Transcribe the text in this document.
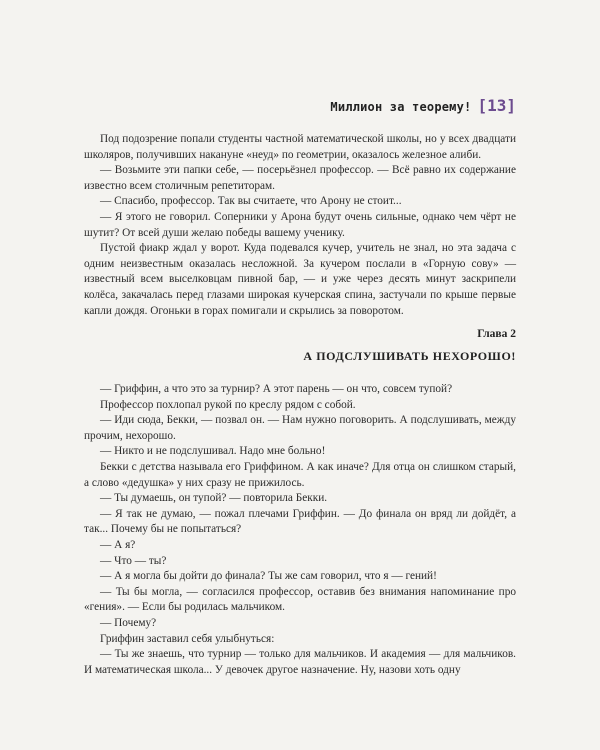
Миллион за теорему! [13]

Под подозрение попали студенты частной математической школы, но у всех двадцати школяров, получивших накануне «неуд» по геометрии, оказалось железное алиби.

— Возьмите эти папки себе, — посерьёзнел профессор. — Всё равно их содержание известно всем столичным репетиторам.

— Спасибо, профессор. Так вы считаете, что Арону не стоит...

— Я этого не говорил. Соперники у Арона будут очень сильные, однако чем чёрт не шутит? От всей души желаю победы вашему ученику.

Пустой фиакр ждал у ворот. Куда подевался кучер, учитель не знал, но эта задача с одним неизвестным оказалась несложной. За кучером послали в «Горную сову» — известный всем выселковцам пивной бар, — и уже через десять минут заскрипели колёса, закачалась перед глазами широкая кучерская спина, застучали по крыше первые капли дождя. Огоньки в горах помигали и скрылись за поворотом.

Глава 2
А ПОДСЛУШИВАТЬ НЕХОРОШО!

— Гриффин, а что это за турнир? А этот парень — он что, совсем тупой?

Профессор похлопал рукой по креслу рядом с собой.

— Иди сюда, Бекки, — позвал он. — Нам нужно поговорить. А подслушивать, между прочим, нехорошо.

— Никто и не подслушивал. Надо мне больно!

Бекки с детства называла его Гриффином. А как иначе? Для отца он слишком старый, а слово «дедушка» у них сразу не прижилось.

— Ты думаешь, он тупой? — повторила Бекки.

— Я так не думаю, — пожал плечами Гриффин. — До финала он вряд ли дойдёт, а так... Почему бы не попытаться?

— А я?

— Что — ты?

— А я могла бы дойти до финала? Ты же сам говорил, что я — гений!

— Ты бы могла, — согласился профессор, оставив без внимания напоминание про «гения». — Если бы родилась мальчиком.

— Почему?

Гриффин заставил себя улыбнуться:

— Ты же знаешь, что турнир — только для мальчиков. И академия — для мальчиков. И математическая школа... У девочек другое назначение. Ну, назови хоть одну
